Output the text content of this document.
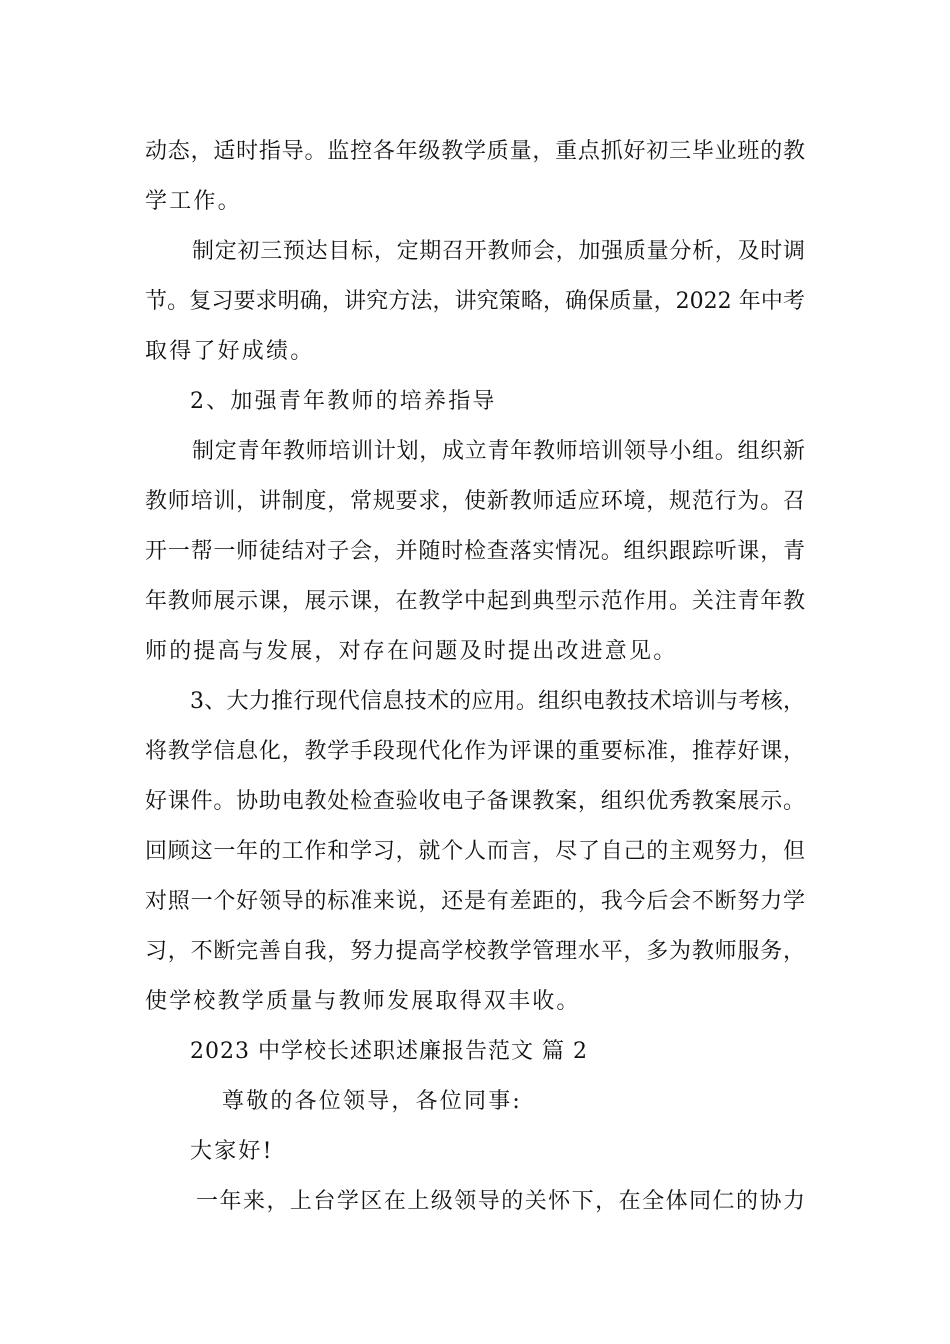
动态，适时指导。监控各年级教学质量，重点抓好初三毕业班的教
学工作。
制定初三预达目标，定期召开教师会，加强质量分析，及时调
节。复习要求明确，讲究方法，讲究策略，确保质量，2022 年中考
取得了好成绩。
2、加强青年教师的培养指导
制定青年教师培训计划，成立青年教师培训领导小组。组织新
教师培训，讲制度，常规要求，使新教师适应环境，规范行为。召
开一帮一师徒结对子会，并随时检查落实情况。组织跟踪听课，青
年教师展示课，展示课，在教学中起到典型示范作用。关注青年教
师的提高与发展，对存在问题及时提出改进意见。
3、大力推行现代信息技术的应用。组织电教技术培训与考核，
将教学信息化，教学手段现代化作为评课的重要标准，推荐好课，
好课件。协助电教处检查验收电子备课教案，组织优秀教案展示。
回顾这一年的工作和学习，就个人而言，尽了自己的主观努力，但
对照一个好领导的标准来说，还是有差距的，我今后会不断努力学
习，不断完善自我，努力提高学校教学管理水平，多为教师服务，
使学校教学质量与教师发展取得双丰收。
2023 中学校长述职述廉报告范文 篇 2
尊敬的各位领导，各位同事:
大家好!
一年来，上台学区在上级领导的关怀下，在全体同仁的协力
